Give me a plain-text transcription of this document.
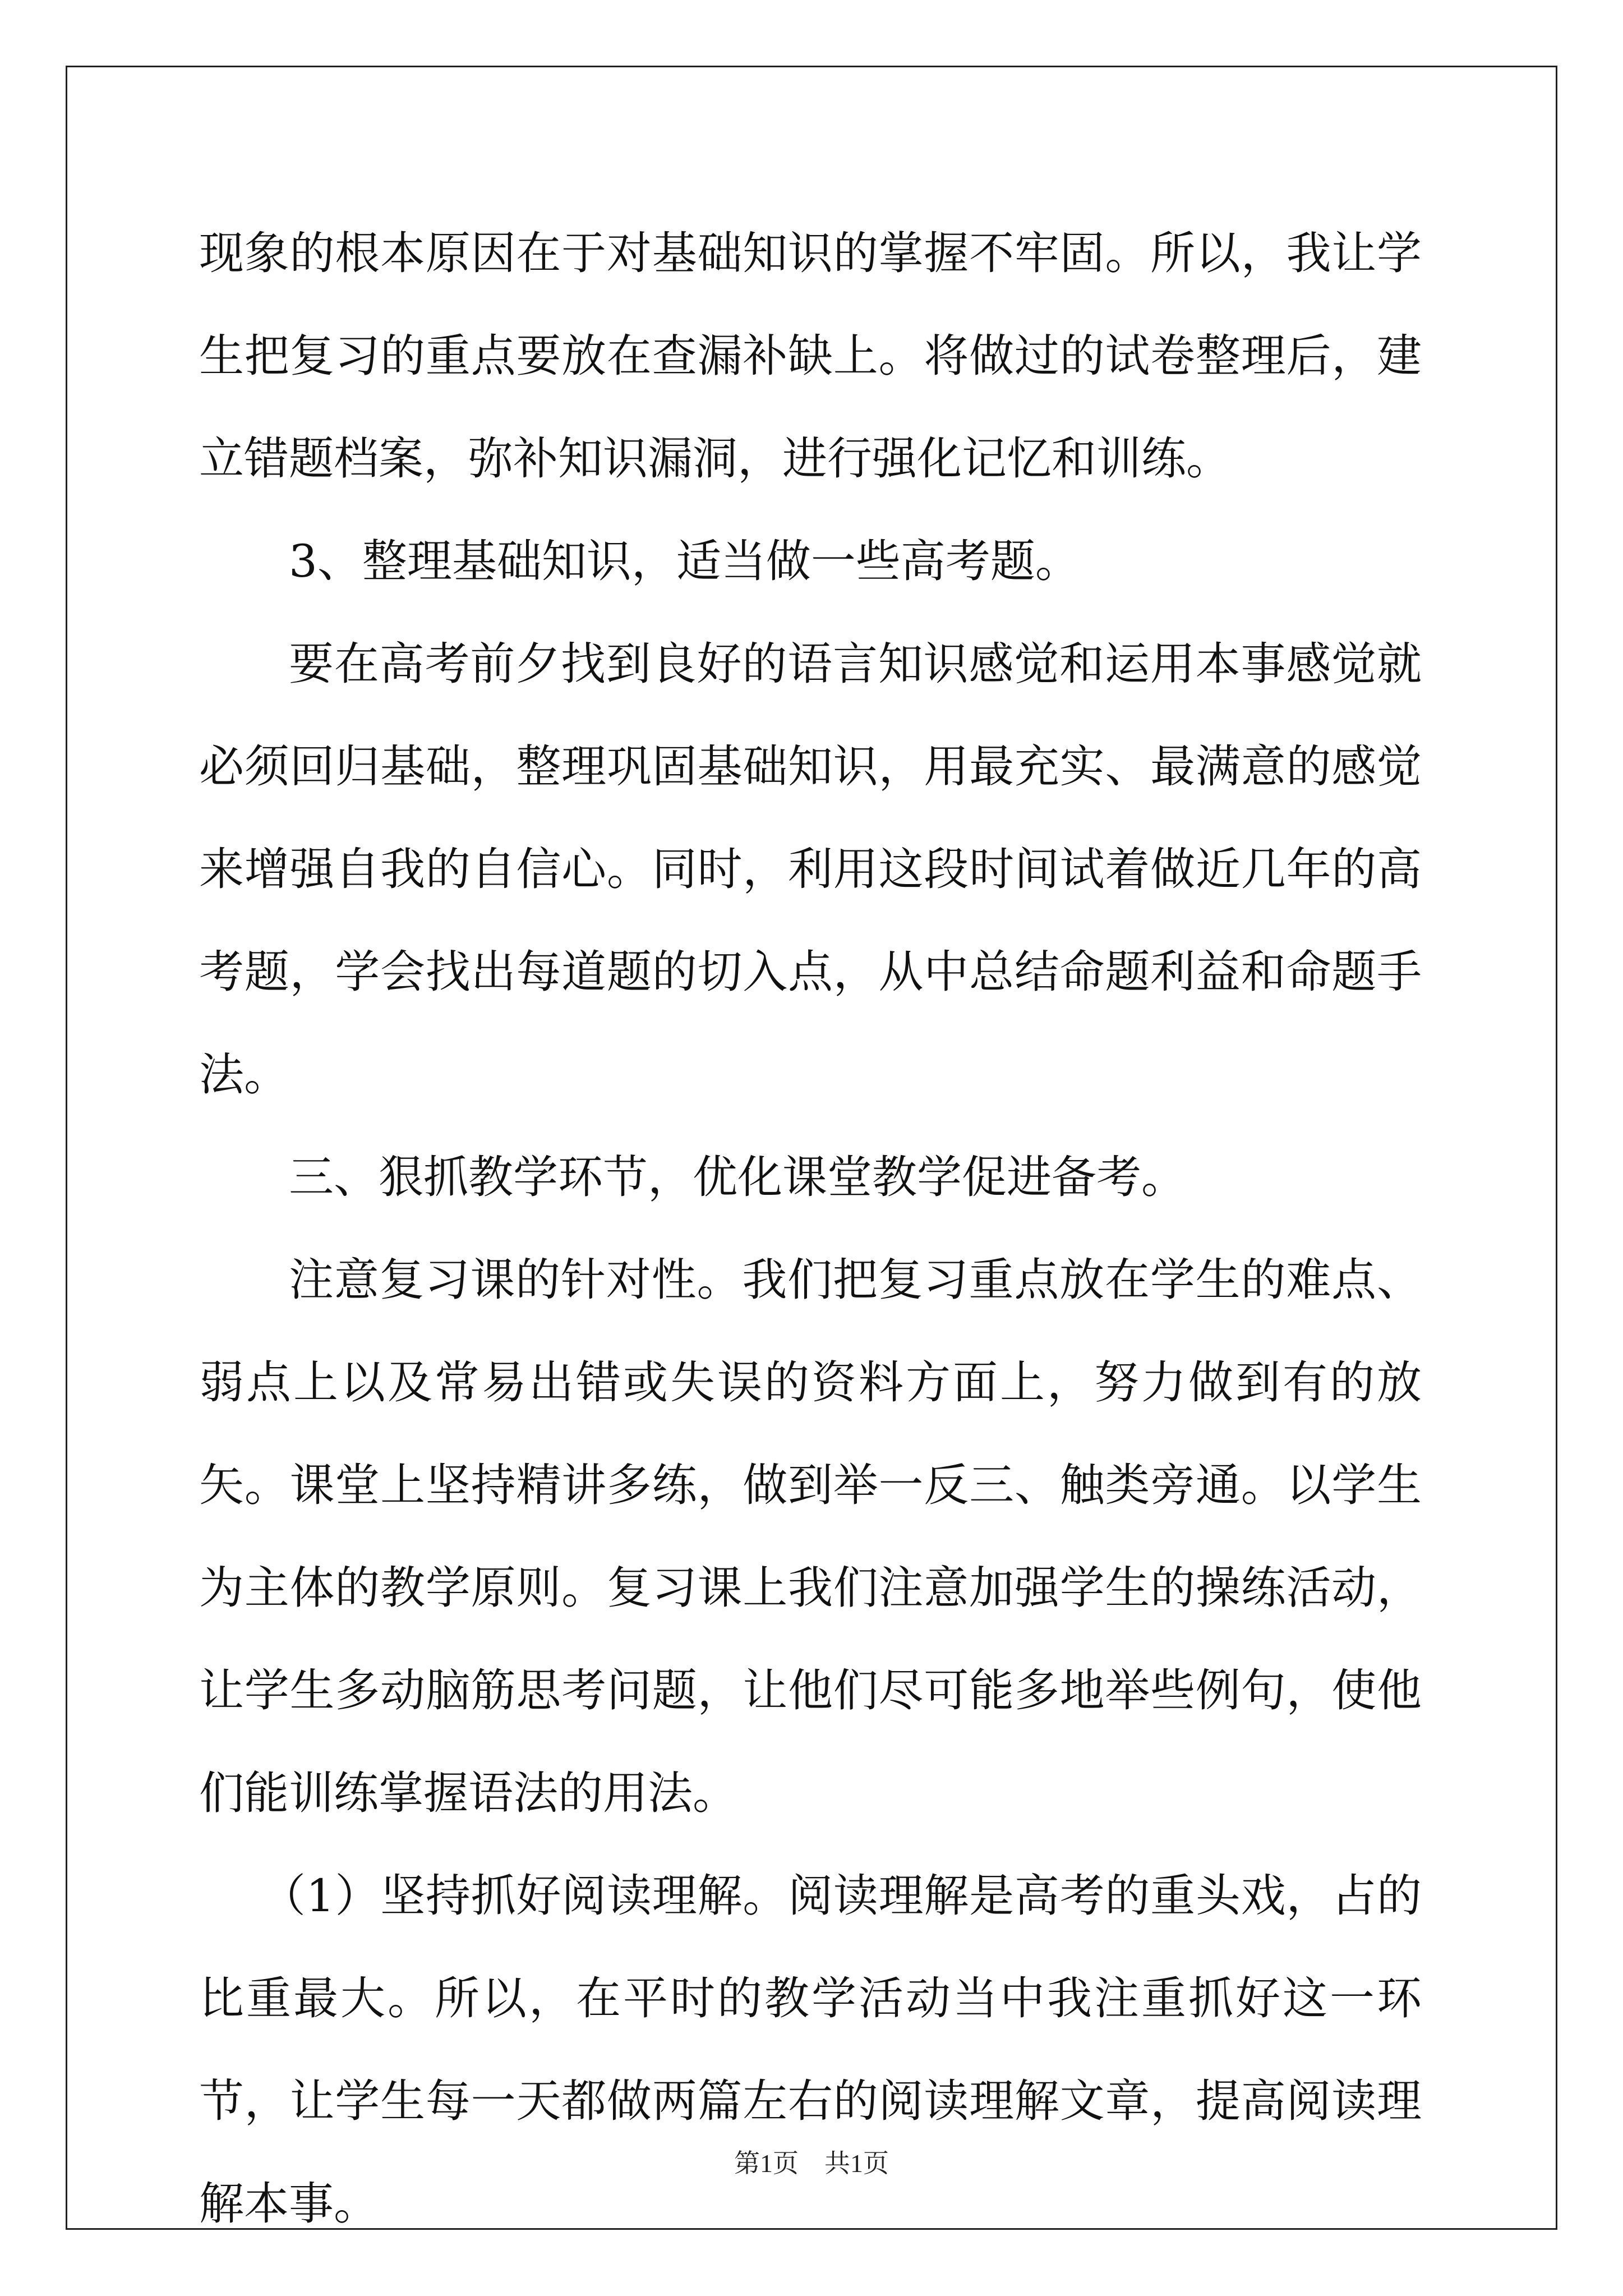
现象的根本原因在于对基础知识的掌握不牢固。所以，我让学生把复习的重点要放在查漏补缺上。将做过的试卷整理后，建立错题档案，弥补知识漏洞，进行强化记忆和训练。

3、整理基础知识，适当做一些高考题。

要在高考前夕找到良好的语言知识感觉和运用本事感觉就必须回归基础，整理巩固基础知识，用最充实、最满意的感觉来增强自我的自信心。同时，利用这段时间试着做近几年的高考题，学会找出每道题的切入点，从中总结命题利益和命题手法。

三、狠抓教学环节，优化课堂教学促进备考。

注意复习课的针对性。我们把复习重点放在学生的难点、弱点上以及常易出错或失误的资料方面上，努力做到有的放矢。课堂上坚持精讲多练，做到举一反三、触类旁通。以学生为主体的教学原则。复习课上我们注意加强学生的操练活动，让学生多动脑筋思考问题，让他们尽可能多地举些例句，使他们能训练掌握语法的用法。

（1）坚持抓好阅读理解。阅读理解是高考的重头戏，占的比重最大。所以，在平时的教学活动当中我注重抓好这一环节，让学生每一天都做两篇左右的阅读理解文章，提高阅读理解本事。

第1页　共1页
